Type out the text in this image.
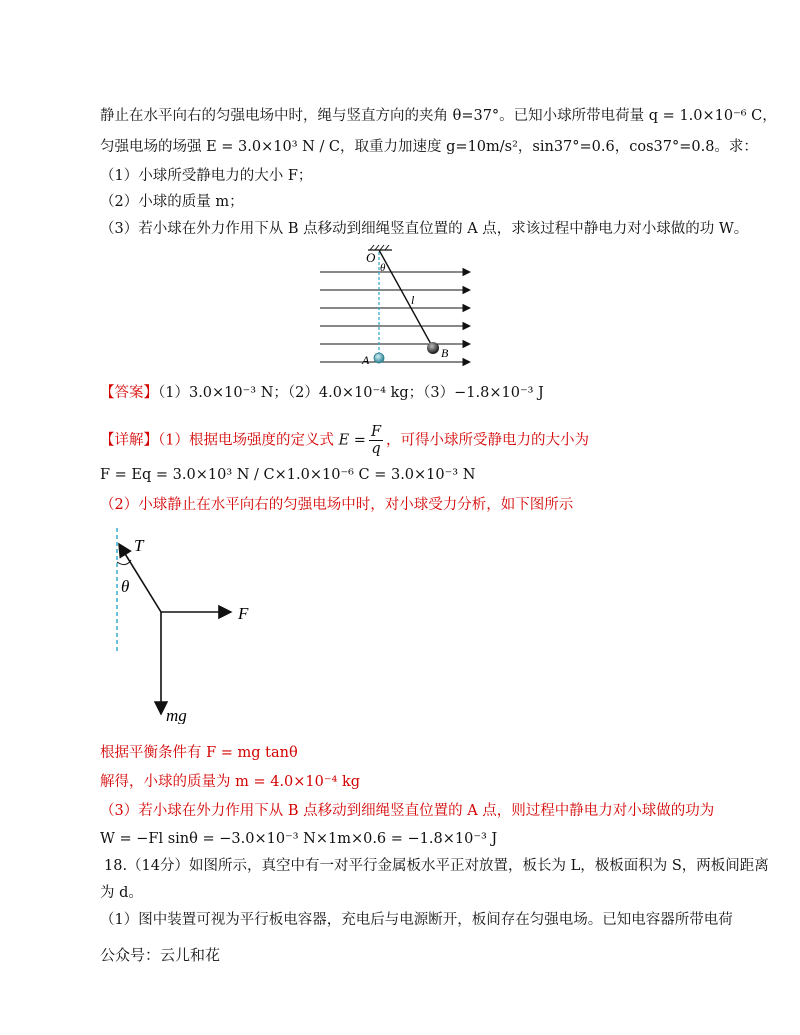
静止在水平向右的匀强电场中时，绳与竖直方向的夹角 θ=37°。已知小球所带电荷量 q = 1.0×10⁻⁶ C，
匀强电场的场强 E = 3.0×10³ N / C，取重力加速度 g=10m/s²，sin37°=0.6，cos37°=0.8。求：
（1）小球所受静电力的大小 F；
（2）小球的质量 m；
（3）若小球在外力作用下从 B 点移动到细绳竖直位置的 A 点，求该过程中静电力对小球做的功 W。
O
θ
l
A	B
【答案】（1）3.0×10⁻³ N；（2）4.0×10⁻⁴ kg；（3）−1.8×10⁻³ J
【详解】（1）根据电场强度的定义式 $E = \frac{F}{q}$ ，可得小球所受静电力的大小为
F = Eq = 3.0×10³ N / C×1.0×10⁻⁶ C = 3.0×10⁻³ N
（2）小球静止在水平向右的匀强电场中时，对小球受力分析，如下图所示
T
θ
F
mg
根据平衡条件有 F = mg tanθ
解得，小球的质量为 m = 4.0×10⁻⁴ kg
（3）若小球在外力作用下从 B 点移动到细绳竖直位置的 A 点，则过程中静电力对小球做的功为
W = −Fl sinθ = −3.0×10⁻³ N×1m×0.6 = −1.8×10⁻³ J
18.（14分）如图所示，真空中有一对平行金属板水平正对放置，板长为 L，极板面积为 S，两板间距离
为 d。
（1）图中装置可视为平行板电容器，充电后与电源断开，板间存在匀强电场。已知电容器所带电荷
公众号：云儿和花
